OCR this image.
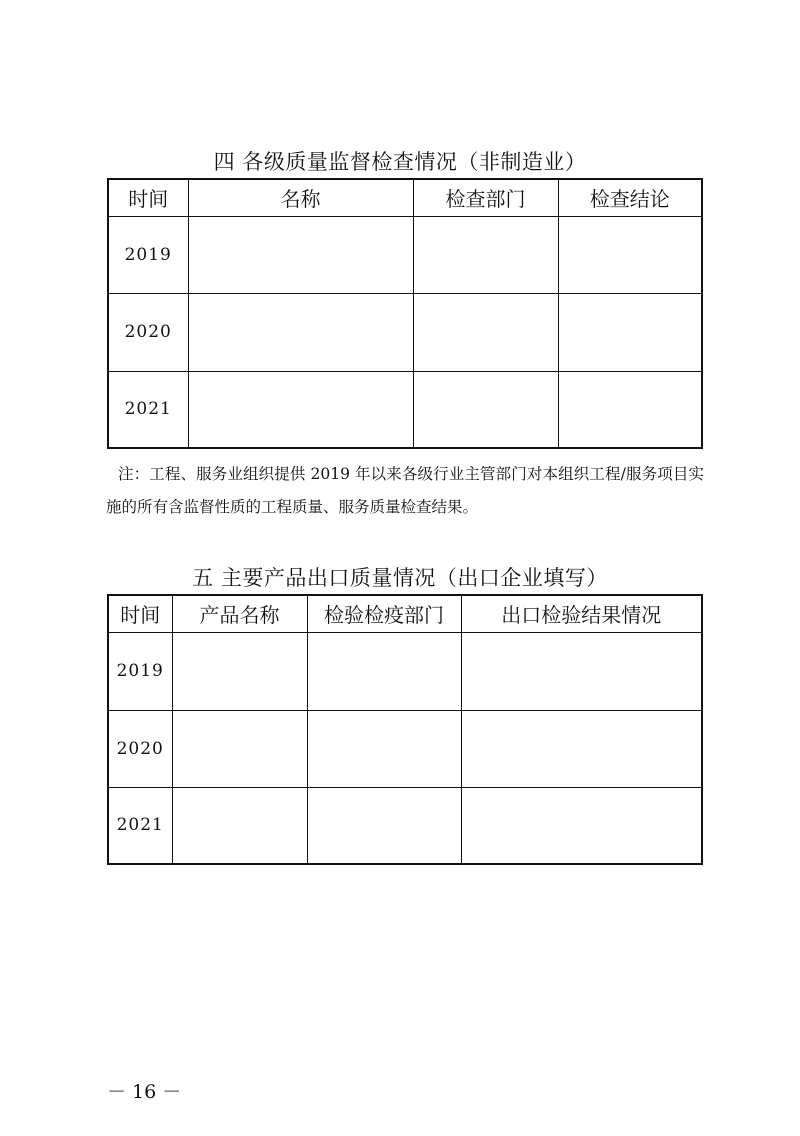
四 各级质量监督检查情况（非制造业）
时间	名称	检查部门	检查结论
2019			
2020			
2021			
注：工程、服务业组织提供 2019 年以来各级行业主管部门对本组织工程/服务项目实施的所有含监督性质的工程质量、服务质量检查结果。
五 主要产品出口质量情况（出口企业填写）
时间	产品名称	检验检疫部门	出口检验结果情况
2019			
2020			
2021			
－ 16 －
